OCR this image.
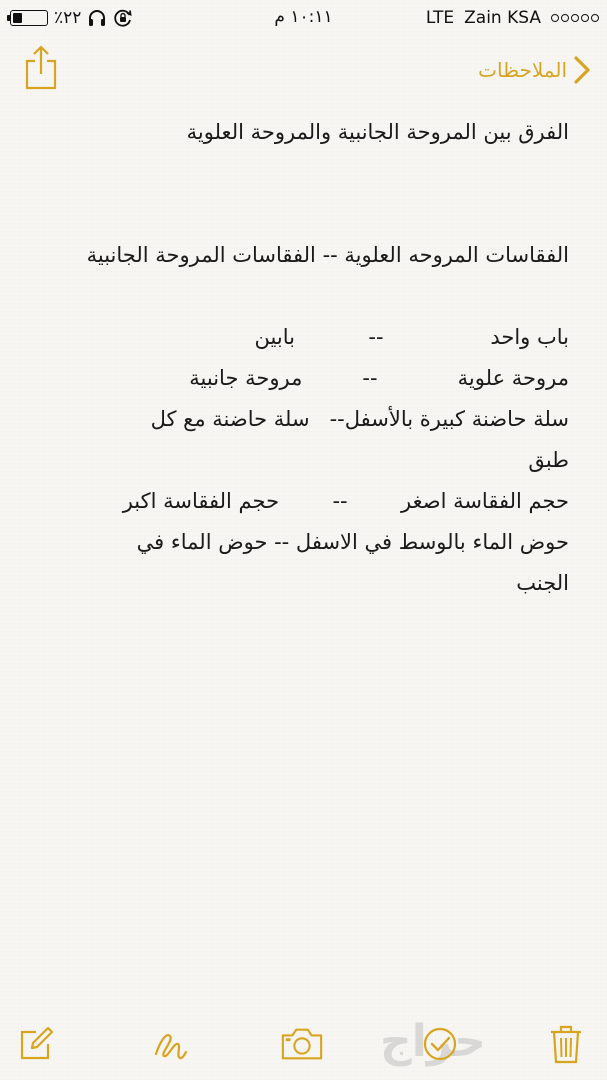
٪٢٢	١٠:١١ م	LTE Zain KSA
الملاحظات
الفرق بين المروحة الجانبية والمروحة العلوية
الفقاسات المروحه العلوية -- الفقاسات المروحة الجانبية
باب واحد                --           بابين
مروحة علوية            --         مروحة جانبية
سلة حاضنة كبيرة بالأسفل--   سلة حاضنة مع كل
طبق
حجم الفقاسة اصغر        --        حجم الفقاسة اكبر
حوض الماء بالوسط في الاسفل -- حوض الماء في
الجنب
حراج
